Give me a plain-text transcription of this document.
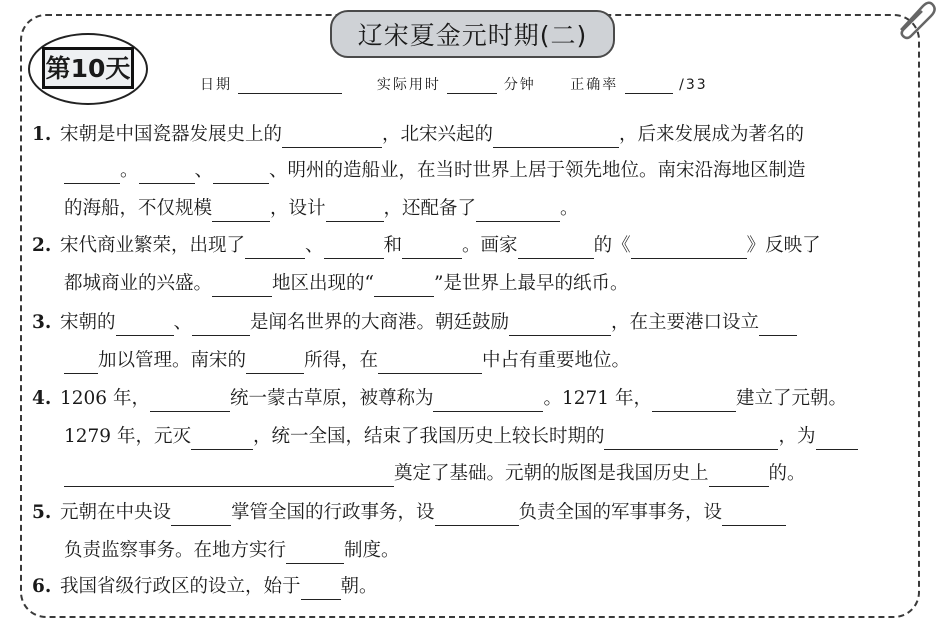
辽宋夏金元时期(二)
第10天
日期	实际用时	分钟 正确率	/33
1. 宋朝是中国瓷器发展史上的	，北宋兴起的	，后来发展成为著名的
。	、	、明州的造船业，在当时世界上居于领先地位。南宋沿海地区制造
的海船，不仅规模	，设计	，还配备了	。
2. 宋代商业繁荣，出现了	、	和	。画家	的《	》反映了
都城商业的兴盛。	地区出现的“	”是世界上最早的纸币。
3. 宋朝的	、	是闻名世界的大商港。朝廷鼓励	，在主要港口设立
加以管理。南宋的	所得，在	中占有重要地位。
4. 1206 年，	统一蒙古草原，被尊称为	。1271 年，	建立了元朝。
1279 年，元灭	，统一全国，结束了我国历史上较长时期的	，为
奠定了基础。元朝的版图是我国历史上	的。
5. 元朝在中央设	掌管全国的行政事务，设	负责全国的军事事务，设
负责监察事务。在地方实行	制度。
6. 我国省级行政区的设立，始于 朝。
